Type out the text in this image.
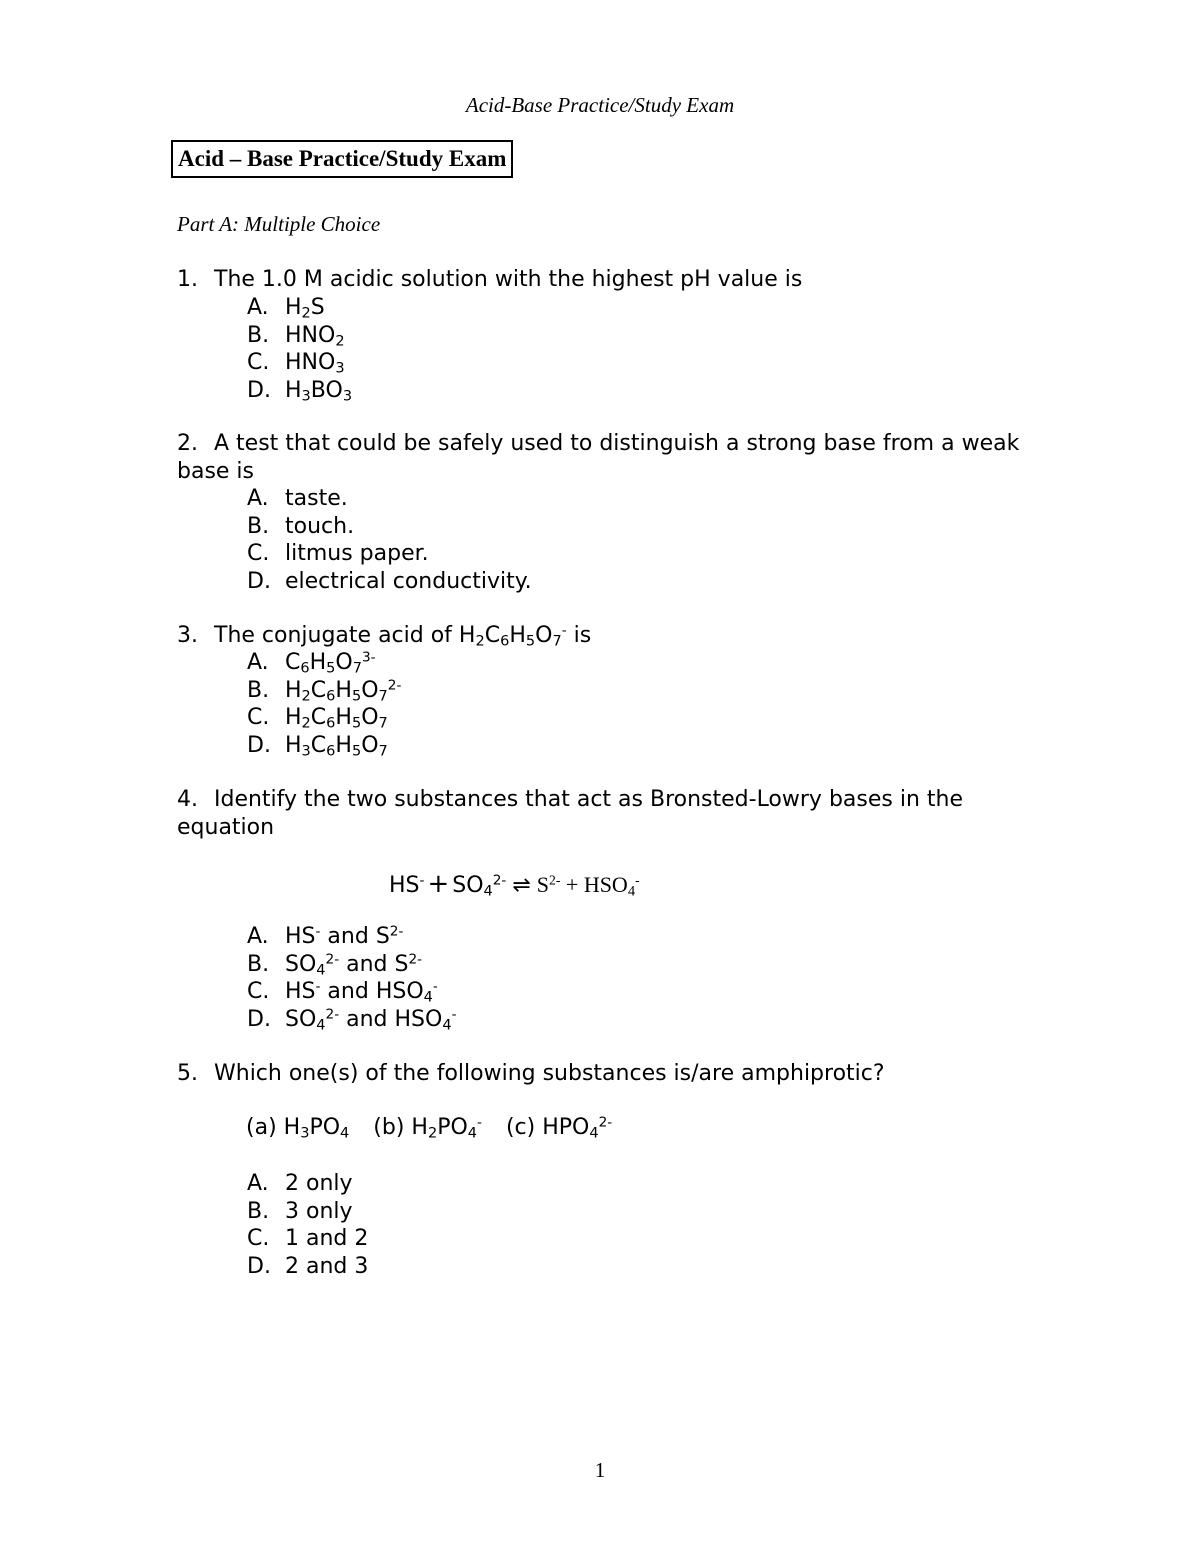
Acid-Base Practice/Study Exam
Acid – Base Practice/Study Exam
Part A: Multiple Choice
1. The 1.0 M acidic solution with the highest pH value is
A. $H_2S$
B. $HNO_2$
C. $HNO_3$
D. $H_3BO_3$
2. A test that could be safely used to distinguish a strong base from a weak base is
A. taste.
B. touch.
C. litmus paper.
D. electrical conductivity.
3. The conjugate acid of $H_2C_6H_5O_7^-$ is
A. $C_6H_5O_7^{3-}$
B. $H_2C_6H_5O_7^{2-}$
C. $H_2C_6H_5O_7$
D. $H_3C_6H_5O_7$
4. Identify the two substances that act as Bronsted-Lowry bases in the equation
$HS^- + SO_4^{2-}$ ⇌ $S^{2-} + HSO_4^-$
A. HS- and $S^{2-}$
B. $SO_4^{2-}$ and $S^{2-}$
C. HS- and $HSO_4^-$
D. $SO_4^{2-}$ and $HSO_4^-$
5. Which one(s) of the following substances is/are amphiprotic?
(a) $H_3PO_4$ (b) $H_2PO_4^-$ (c) $HPO_4^{2-}$
A. 2 only
B. 3 only
C. 1 and 2
D. 2 and 3
1
